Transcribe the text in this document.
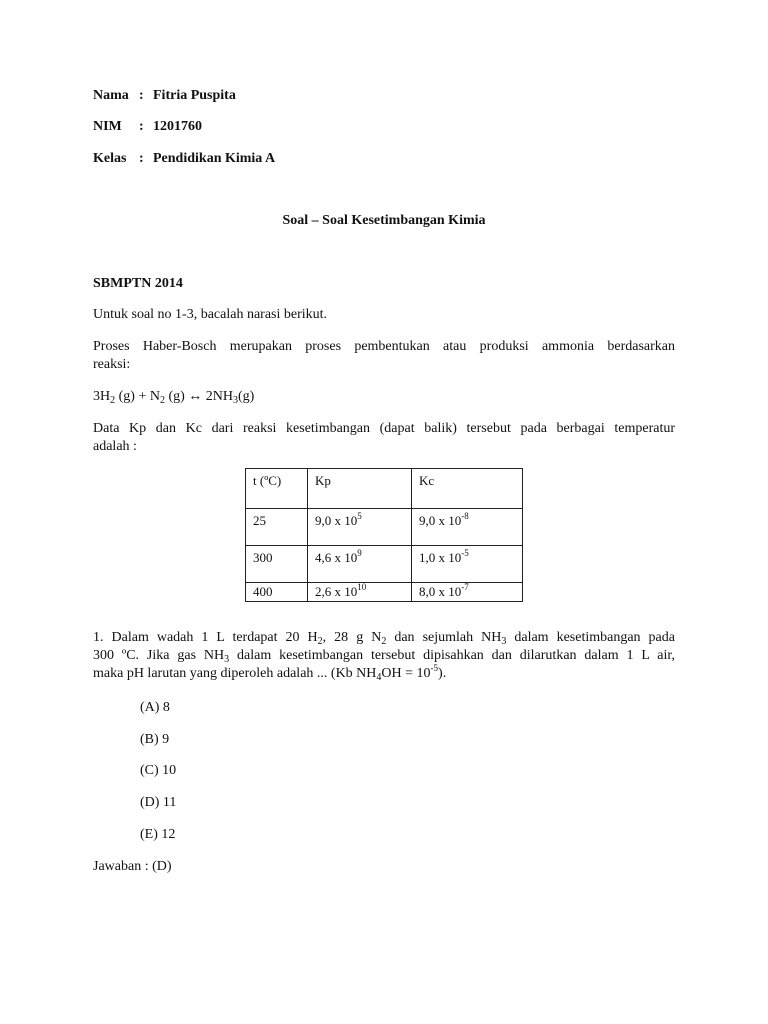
Nama : Fitria Puspita
NIM : 1201760
Kelas : Pendidikan Kimia A
Soal – Soal Kesetimbangan Kimia
SBMPTN 2014
Untuk soal no 1-3, bacalah narasi berikut.
Proses Haber-Bosch merupakan proses pembentukan atau produksi ammonia berdasarkan
reaksi:
$3H_2$ $(g) + N_2$ (g) ↔ $2NH_3(g)$
Data Kp dan Kc dari reaksi kesetimbangan (dapat balik) tersebut pada berbagai temperatur
adalah :
t (ºC)	Kp	Kc
25	9,0 x $10^5$	9,0 x $10^{-8}$
300	4,6 x $10^9$	1,0 x $10^{-5}$
400	2,6 x $10^{10}$	8,0 x $10^{-7}$
1. Dalam wadah 1 L terdapat 20 $H_2$, 28 g $N_2$ dan sejumlah $NH_3$ dalam kesetimbangan pada
300 ºC. Jika gas $NH_3$ dalam kesetimbangan tersebut dipisahkan dan dilarutkan dalam 1 L air,
maka pH larutan yang diperoleh adalah ... (Kb $NH_4OH = 10^{-5}$).
(A) 8
(B) 9
(C) 10
(D) 11
(E) 12
Jawaban : (D)
